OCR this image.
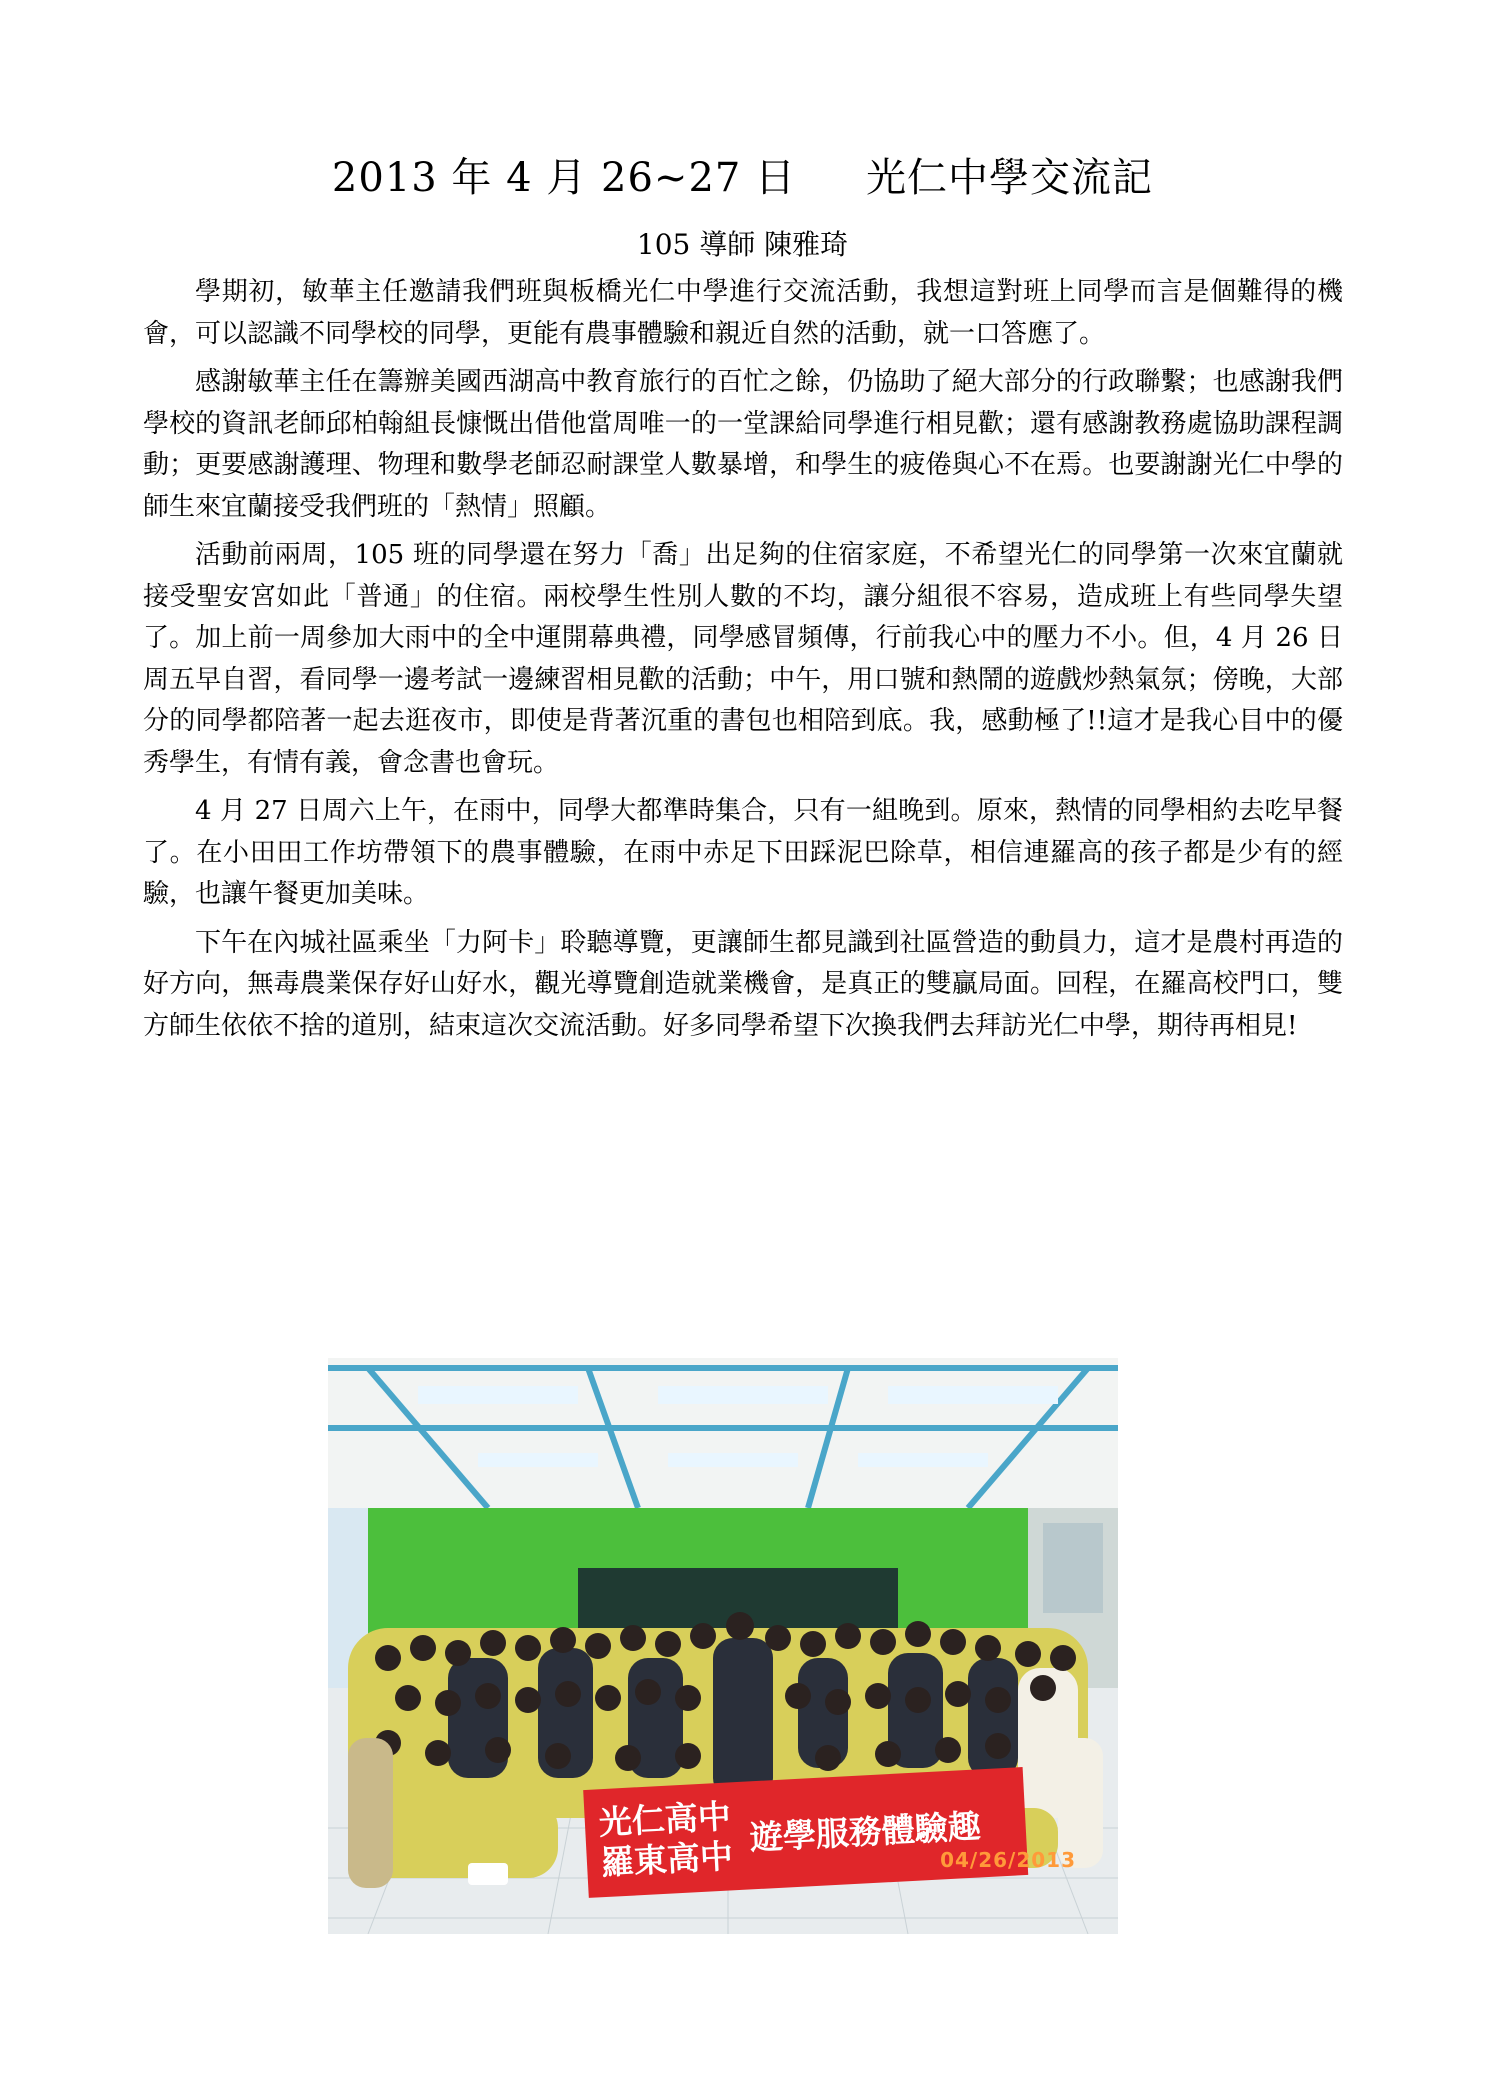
2013 年 4 月 26~27 日 光仁中學交流記
105 導師 陳雅琦

學期初，敏華主任邀請我們班與板橋光仁中學進行交流活動，我想這對班上同學而言是個難得的機會，可以認識不同學校的同學，更能有農事體驗和親近自然的活動，就一口答應了。

感謝敏華主任在籌辦美國西湖高中教育旅行的百忙之餘，仍協助了絕大部分的行政聯繫；也感謝我們學校的資訊老師邱柏翰組長慷慨出借他當周唯一的一堂課給同學進行相見歡；還有感謝教務處協助課程調動；更要感謝護理、物理和數學老師忍耐課堂人數暴增，和學生的疲倦與心不在焉。也要謝謝光仁中學的師生來宜蘭接受我們班的「熱情」照顧。

活動前兩周，105 班的同學還在努力「喬」出足夠的住宿家庭，不希望光仁的同學第一次來宜蘭就接受聖安宮如此「普通」的住宿。兩校學生性別人數的不均，讓分組很不容易，造成班上有些同學失望了。加上前一周參加大雨中的全中運開幕典禮，同學感冒頻傳，行前我心中的壓力不小。但，4 月 26 日周五早自習，看同學一邊考試一邊練習相見歡的活動；中午，用口號和熱鬧的遊戲炒熱氣氛；傍晚，大部分的同學都陪著一起去逛夜市，即使是背著沉重的書包也相陪到底。我，感動極了!!這才是我心目中的優秀學生，有情有義，會念書也會玩。

4 月 27 日周六上午，在雨中，同學大都準時集合，只有一組晚到。原來，熱情的同學相約去吃早餐了。在小田田工作坊帶領下的農事體驗，在雨中赤足下田踩泥巴除草，相信連羅高的孩子都是少有的經驗，也讓午餐更加美味。

下午在內城社區乘坐「力阿卡」聆聽導覽，更讓師生都見識到社區營造的動員力，這才是農村再造的好方向，無毒農業保存好山好水，觀光導覽創造就業機會，是真正的雙贏局面。回程，在羅高校門口，雙方師生依依不捨的道別，結束這次交流活動。好多同學希望下次換我們去拜訪光仁中學，期待再相見!

光仁高中
羅東高中
遊學服務體驗趣
04/26/2013
